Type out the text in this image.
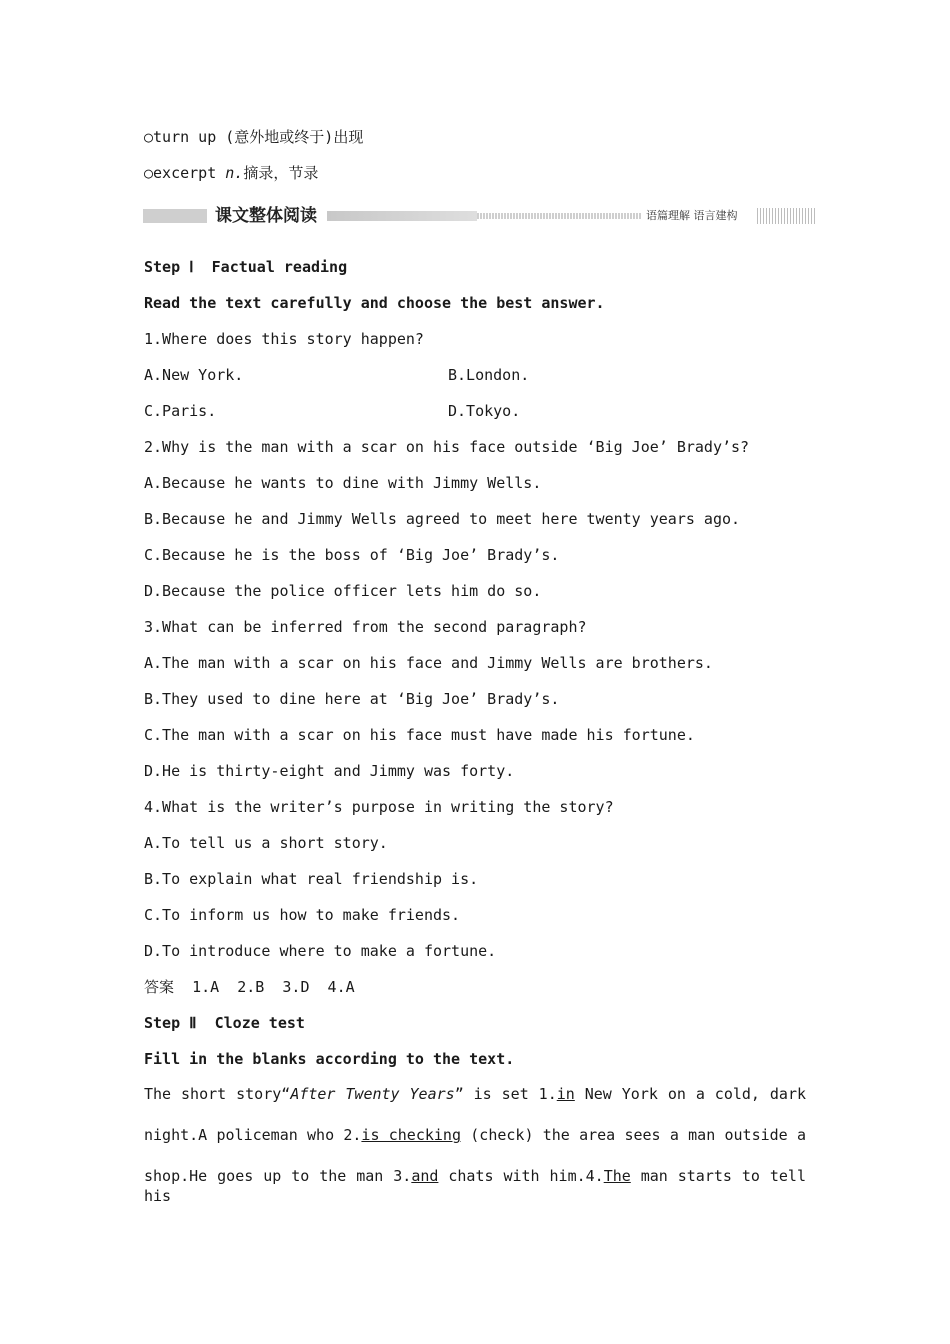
○turn up (意外地或终于)出现
○excerpt n.摘录，节录
课文整体阅读	语篇理解 语言建构
Step Ⅰ  Factual reading
Read the text carefully and choose the best answer.
1.Where does this story happen?
A.New York.	B.London.
C.Paris.	D.Tokyo.
2.Why is the man with a scar on his face outside ‘Big Joe’ Brady’s?
A.Because he wants to dine with Jimmy Wells.
B.Because he and Jimmy Wells agreed to meet here twenty years ago.
C.Because he is the boss of ‘Big Joe’ Brady’s.
D.Because the police officer lets him do so.
3.What can be inferred from the second paragraph?
A.The man with a scar on his face and Jimmy Wells are brothers.
B.They used to dine here at ‘Big Joe’ Brady’s.
C.The man with a scar on his face must have made his fortune.
D.He is thirty-eight and Jimmy was forty.
4.What is the writer’s purpose in writing the story?
A.To tell us a short story.
B.To explain what real friendship is.
C.To inform us how to make friends.
D.To introduce where to make a fortune.
答案 1.A  2.B  3.D  4.A
Step Ⅱ  Cloze test
Fill in the blanks according to the text.
The short story“After Twenty Years” is set 1.in New York on a cold, dark
night.A policeman who 2.is checking (check) the area sees a man outside a
shop.He goes up to the man 3.and chats with him.4.The man starts to tell his
